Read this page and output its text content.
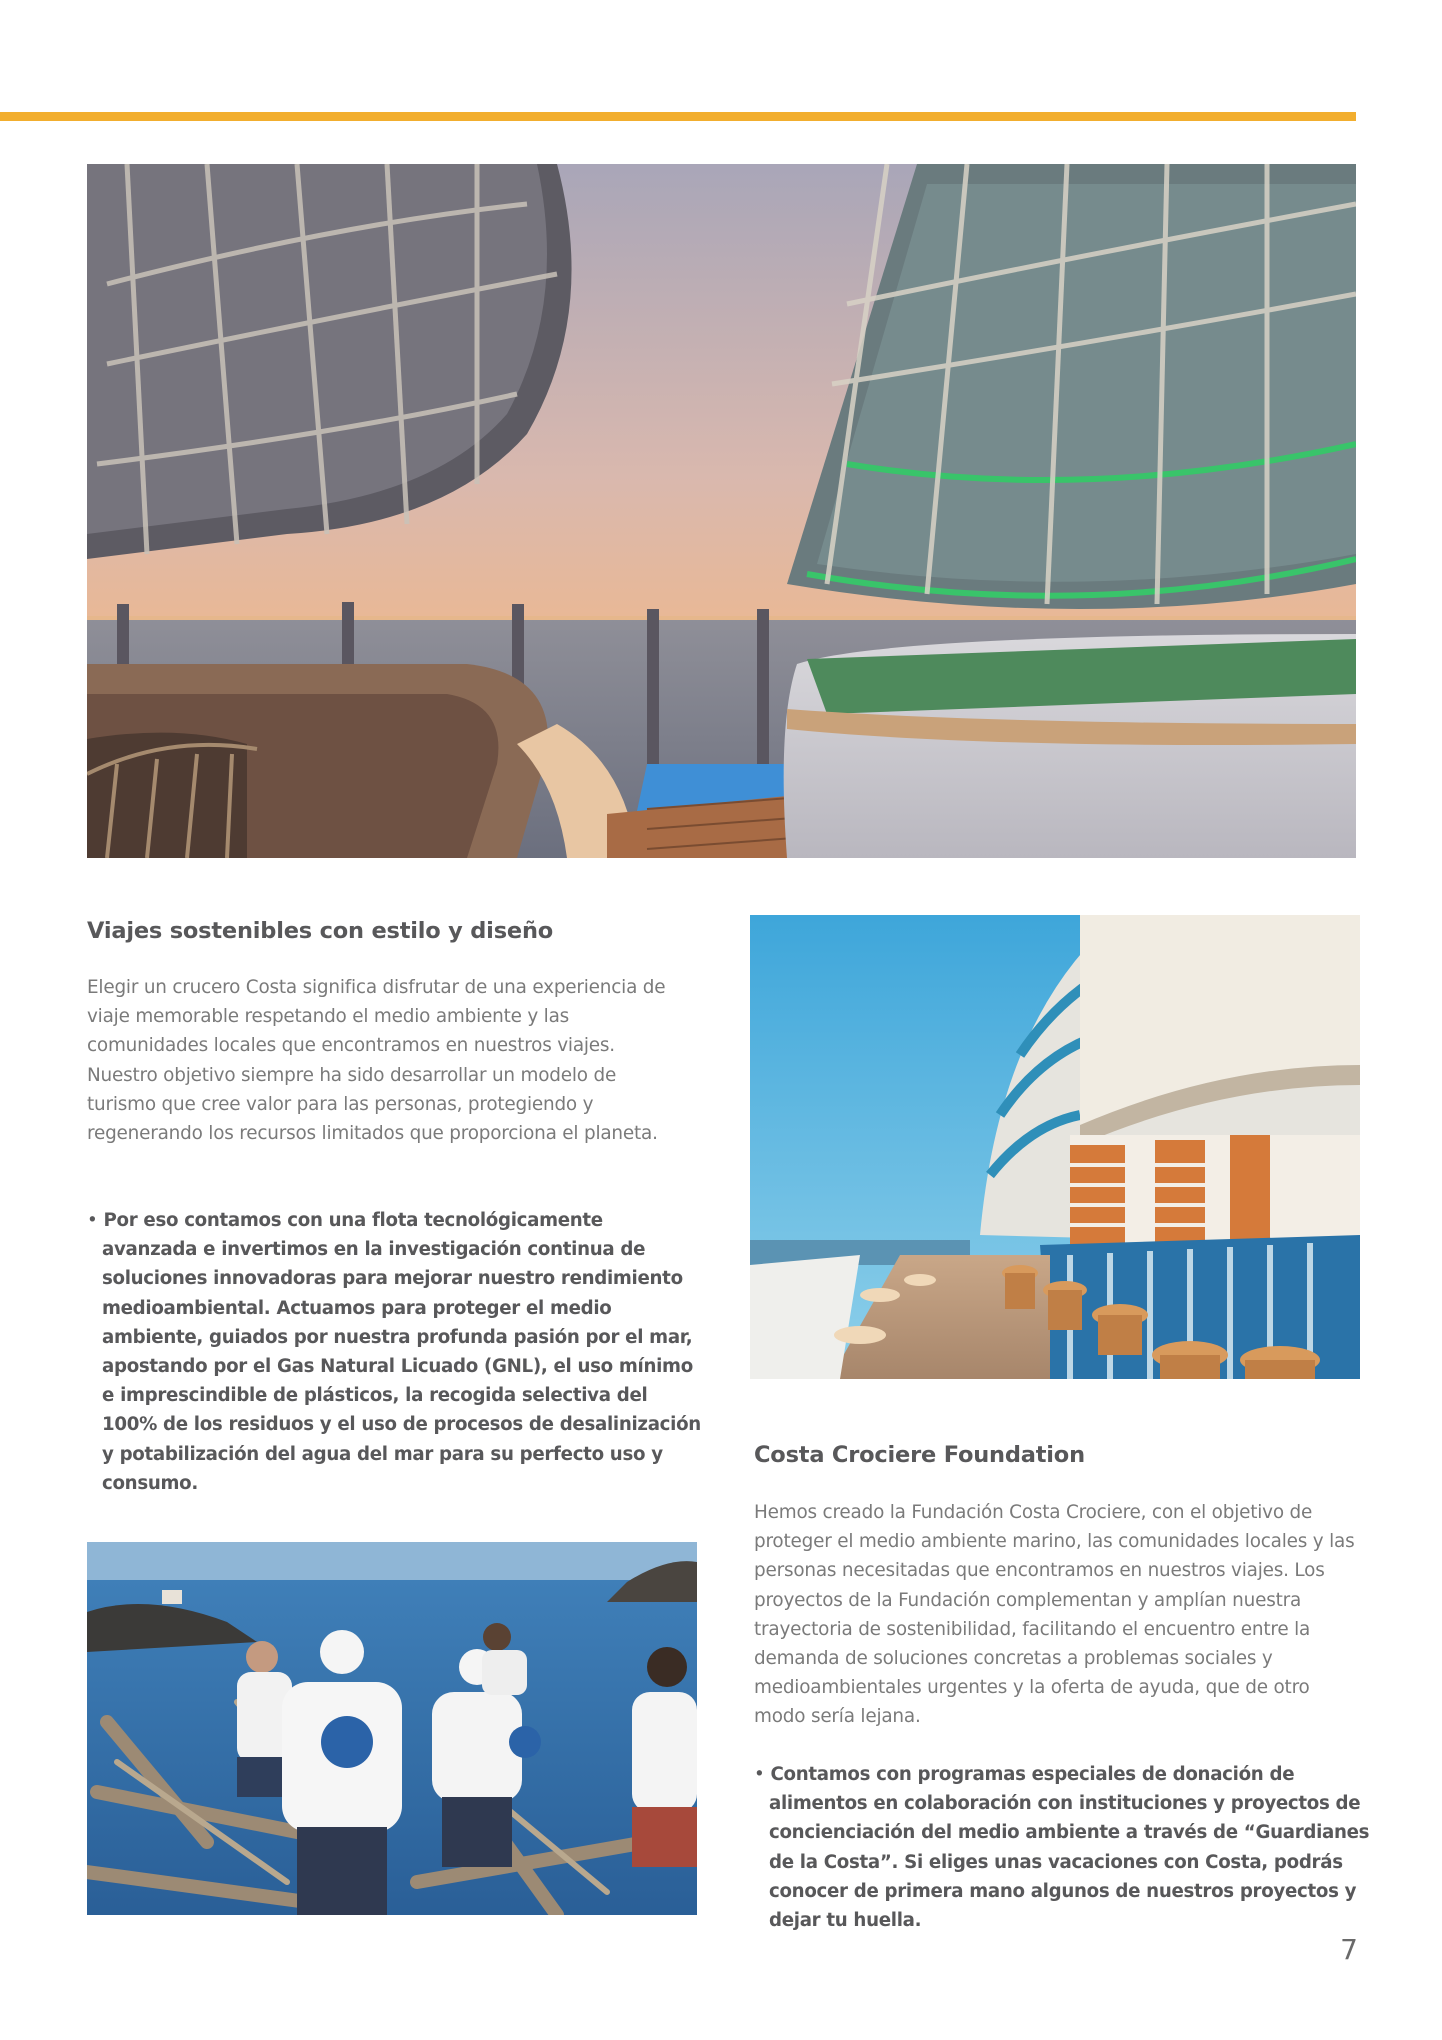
Viajes sostenibles con estilo y diseño

Elegir un crucero Costa significa disfrutar de una experiencia de viaje memorable respetando el medio ambiente y las comunidades locales que encontramos en nuestros viajes. Nuestro objetivo siempre ha sido desarrollar un modelo de turismo que cree valor para las personas, protegiendo y regenerando los recursos limitados que proporciona el planeta.

• Por eso contamos con una flota tecnológicamente avanzada e invertimos en la investigación continua de soluciones innovadoras para mejorar nuestro rendimiento medioambiental. Actuamos para proteger el medio ambiente, guiados por nuestra profunda pasión por el mar, apostando por el Gas Natural Licuado (GNL), el uso mínimo e imprescindible de plásticos, la recogida selectiva del 100% de los residuos y el uso de procesos de desalinización y potabilización del agua del mar para su perfecto uso y consumo.

Costa Crociere Foundation

Hemos creado la Fundación Costa Crociere, con el objetivo de proteger el medio ambiente marino, las comunidades locales y las personas necesitadas que encontramos en nuestros viajes. Los proyectos de la Fundación complementan y amplían nuestra trayectoria de sostenibilidad, facilitando el encuentro entre la demanda de soluciones concretas a problemas sociales y medioambientales urgentes y la oferta de ayuda, que de otro modo sería lejana.

• Contamos con programas especiales de donación de alimentos en colaboración con instituciones y proyectos de concienciación del medio ambiente a través de “Guardianes de la Costa”. Si eliges unas vacaciones con Costa, podrás conocer de primera mano algunos de nuestros proyectos y dejar tu huella.

7
